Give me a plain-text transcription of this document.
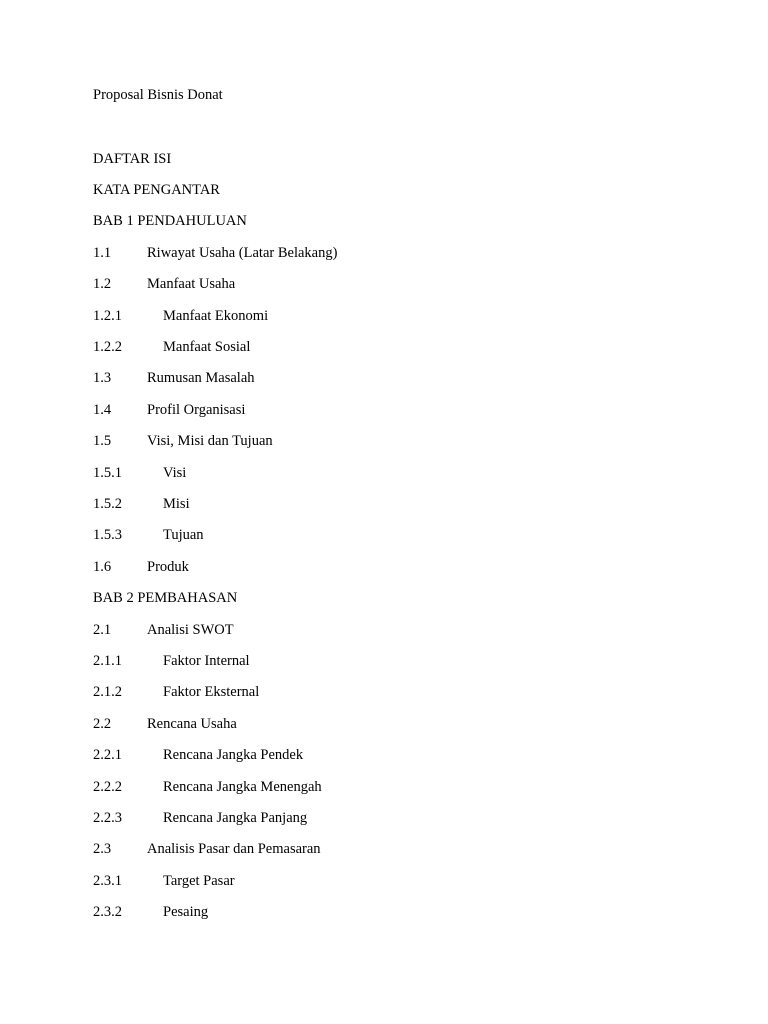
Proposal Bisnis Donat
DAFTAR ISI
KATA PENGANTAR
BAB 1 PENDAHULUAN
1.1 Riwayat Usaha (Latar Belakang)
1.2 Manfaat Usaha
1.2.1	Manfaat Ekonomi
1.2.2	Manfaat Sosial
1.3 Rumusan Masalah
1.4 Profil Organisasi
1.5 Visi, Misi dan Tujuan
1.5.1	Visi
1.5.2	Misi
1.5.3	Tujuan
1.6 Produk
BAB 2 PEMBAHASAN
2.1 Analisi SWOT
2.1.1	Faktor Internal
2.1.2	Faktor Eksternal
2.2 Rencana Usaha
2.2.1	Rencana Jangka Pendek
2.2.2	Rencana Jangka Menengah
2.2.3	Rencana Jangka Panjang
2.3 Analisis Pasar dan Pemasaran
2.3.1	Target Pasar
2.3.2	Pesaing
